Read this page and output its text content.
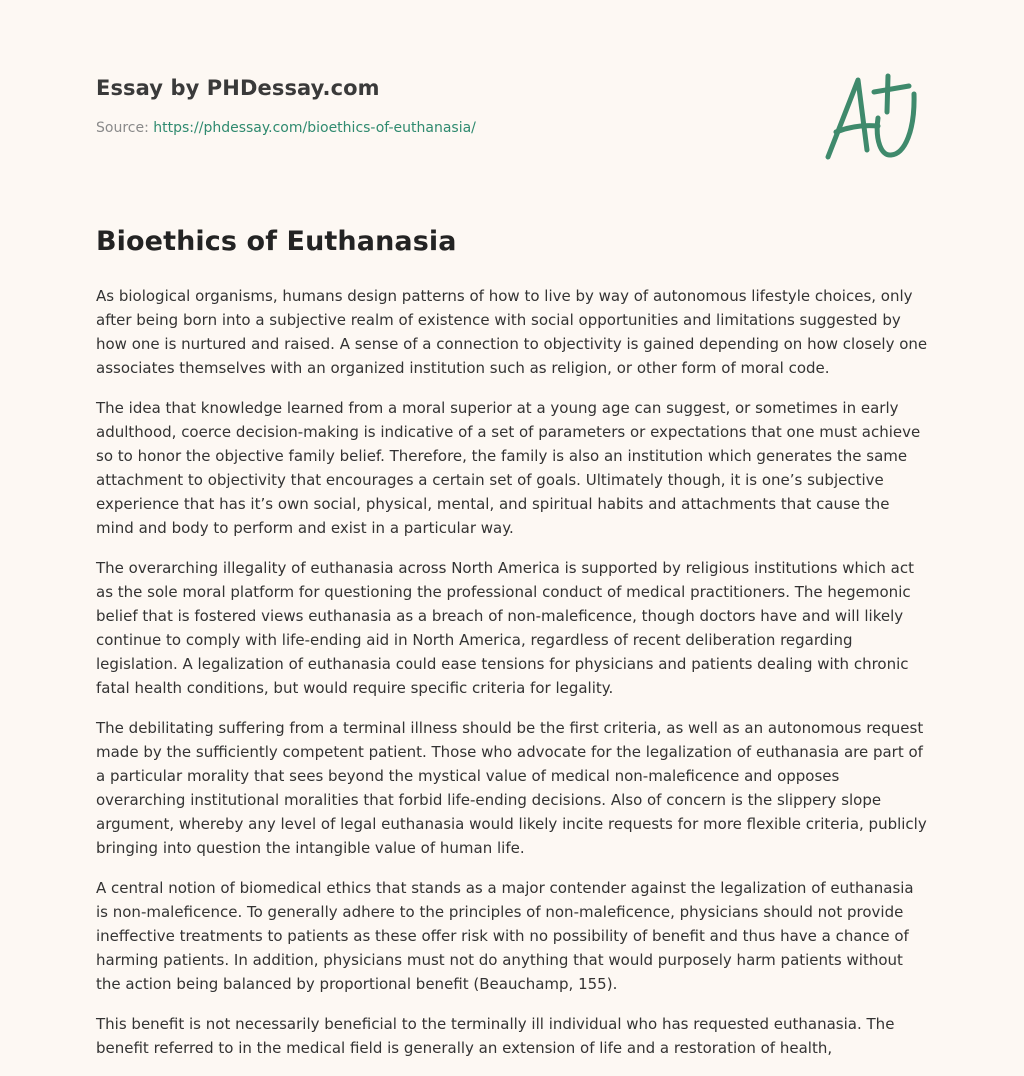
Essay by PHDessay.com
Source: https://phdessay.com/bioethics-of-euthanasia/
Bioethics of Euthanasia

As biological organisms, humans design patterns of how to live by way of autonomous lifestyle choices, only after being born into a subjective realm of existence with social opportunities and limitations suggested by how one is nurtured and raised. A sense of a connection to objectivity is gained depending on how closely one associates themselves with an organized institution such as religion, or other form of moral code.

The idea that knowledge learned from a moral superior at a young age can suggest, or sometimes in early adulthood, coerce decision-making is indicative of a set of parameters or expectations that one must achieve so to honor the objective family belief. Therefore, the family is also an institution which generates the same attachment to objectivity that encourages a certain set of goals. Ultimately though, it is one’s subjective experience that has it’s own social, physical, mental, and spiritual habits and attachments that cause the mind and body to perform and exist in a particular way.

The overarching illegality of euthanasia across North America is supported by religious institutions which act as the sole moral platform for questioning the professional conduct of medical practitioners. The hegemonic belief that is fostered views euthanasia as a breach of non-maleficence, though doctors have and will likely continue to comply with life-ending aid in North America, regardless of recent deliberation regarding legislation. A legalization of euthanasia could ease tensions for physicians and patients dealing with chronic fatal health conditions, but would require specific criteria for legality.

The debilitating suffering from a terminal illness should be the first criteria, as well as an autonomous request made by the sufficiently competent patient. Those who advocate for the legalization of euthanasia are part of a particular morality that sees beyond the mystical value of medical non-maleficence and opposes overarching institutional moralities that forbid life-ending decisions. Also of concern is the slippery slope argument, whereby any level of legal euthanasia would likely incite requests for more flexible criteria, publicly bringing into question the intangible value of human life.

A central notion of biomedical ethics that stands as a major contender against the legalization of euthanasia is non-maleficence. To generally adhere to the principles of non-maleficence, physicians should not provide ineffective treatments to patients as these offer risk with no possibility of benefit and thus have a chance of harming patients. In addition, physicians must not do anything that would purposely harm patients without the action being balanced by proportional benefit (Beauchamp, 155).

This benefit is not necessarily beneficial to the terminally ill individual who has requested euthanasia. The benefit referred to in the medical field is generally an extension of life and a restoration of health,
